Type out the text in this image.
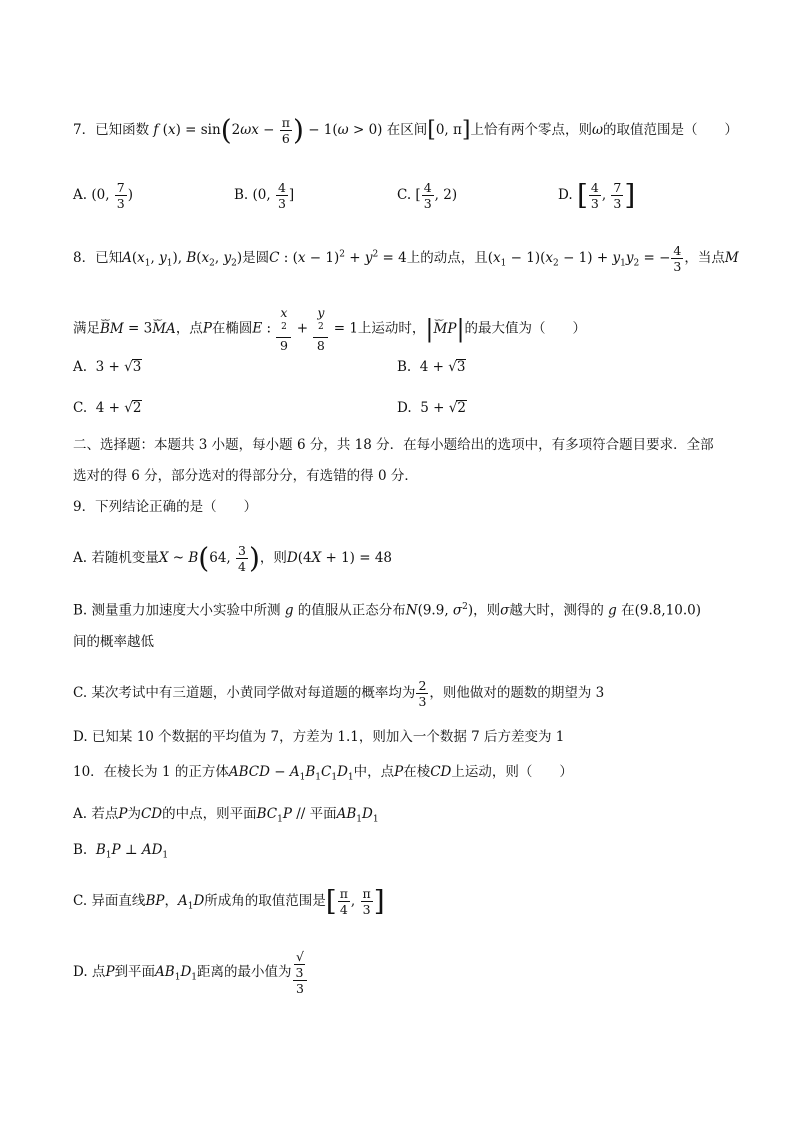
7．已知函数 f $(x) = \sin(2\omega x - \frac{\pi}{6}$ ) − 1(ω > 0) 在区间[0, π]上恰有两个零点，则ω的取值范围是（　　）
A. (0, $\frac{7}{3}$ )	B. (0, $\frac{4}{3}$ ]	C. [ $\frac{4}{3}$ , 2)	D. [ $\frac{4}{3}$ , $\frac{7}{3}$ ]
8．已知$A(x_1$, $y_1$), $B(x_2$, $y_2$)是圆C : $(x - 1)^2 + y^2 = 4$上的动点，且$(x_1 - 1)(x_2 - 1) + y_1y_2$ = − $\frac{4}{3}$ ，当点M
满足⌣⌣ BM = 3⌣⌣ MA，点P在椭圆E : x
$^2$
9 + y
$^2$
8 = 1上运动时，|⌣⌣ MP|的最大值为（　　）
A.  3 + √3	B.  4 + √3
C.  4 + √2	D.  5 + √2
二、选择题：本题共 3 小题，每小题 6 分，共 18 分．在每小题给出的选项中，有多项符合题目要求．全部
选对的得 6 分，部分选对的得部分分，有选错的得 0 分．
9．下列结论正确的是（　　）
A. 若随机变量X ~ B(64, $\frac{3}{4}$ )，则D(4X + 1) = 48
B. 测量重力加速度大小实验中所测 g 的值服从正态分布N(9.9, $\sigma^2$)，则σ越大时，测得的 g 在(9.8,10.0)
间的概率越低
C. 某次考试中有三道题，小黄同学做对每道题的概率均为 $\frac{2}{3}$ ，则他做对的题数的期望为 3
D. 已知某 10 个数据的平均值为 7，方差为 1.1，则加入一个数据 7 后方差变为 1
10．在棱长为 1 的正方体ABCD − $A_1B_1C_1D_1$中，点P在棱CD上运动，则（　　）
A. 若点P为CD的中点，则平面$BC_1P$ // 平面$AB_1D_1$
B. $B_1P$ ⊥ $AD_1$
C. 异面直线BP，$A_1D$所成角的取值范围是[ $\frac{\pi}{4}$ , $\frac{\pi}{3}$ ]
D. 点P到平面$AB_1D_1$距离的最小值为 √
3
3
